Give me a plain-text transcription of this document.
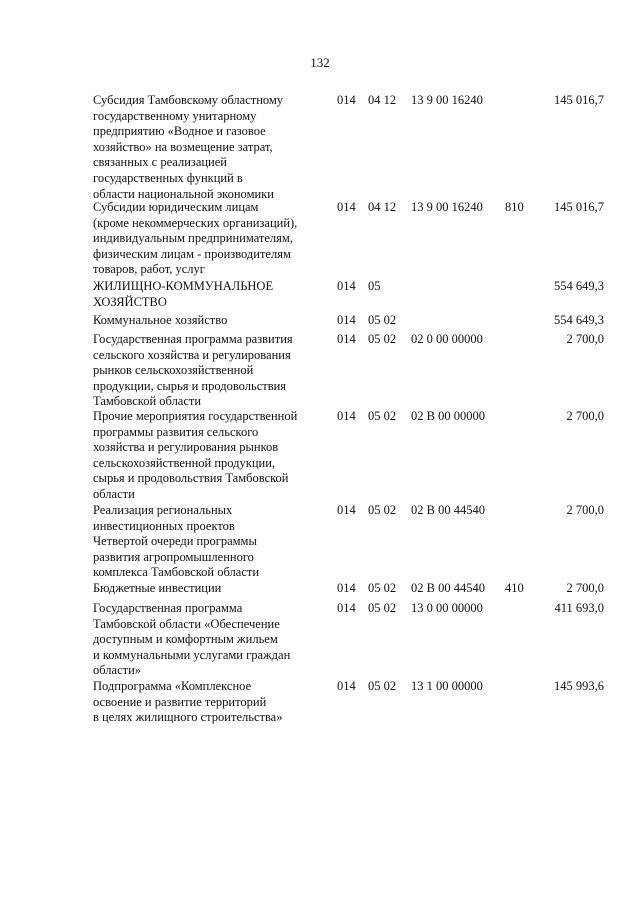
132
Субсидия Тамбовскому областному
государственному унитарному
предприятию «Водное и газовое
хозяйство» на возмещение затрат,
связанных с реализацией
государственных функций в
области национальной экономики
014 04 12 13 9 00 16240	145 016,7
Субсидии юридическим лицам
(кроме некоммерческих организаций),
индивидуальным предпринимателям,
физическим лицам - производителям
товаров, работ, услуг
014 04 12 13 9 00 16240 810 145 016,7
ЖИЛИЩНО-КОММУНАЛЬНОЕ
ХОЗЯЙСТВО
014 05	554 649,3
Коммунальное хозяйство	014 05 02	554 649,3
Государственная программа развития
сельского хозяйства и регулирования
рынков сельскохозяйственной
продукции, сырья и продовольствия
Тамбовской области
014 05 02 02 0 00 00000	2 700,0
Прочие мероприятия государственной
программы развития сельского
хозяйства и регулирования рынков
сельскохозяйственной продукции,
сырья и продовольствия Тамбовской
области
014 05 02 02 В 00 00000	2 700,0
Реализация региональных
инвестиционных проектов
Четвертой очереди программы
развития агропромышленного
комплекса Тамбовской области
014 05 02 02 В 00 44540	2 700,0
Бюджетные инвестиции	014 05 02 02 В 00 44540 410	2 700,0
Государственная программа
Тамбовской области «Обеспечение
доступным и комфортным жильем
и коммунальными услугами граждан
области»
014 05 02 13 0 00 00000	411 693,0
Подпрограмма «Комплексное
освоение и развитие территорий
в целях жилищного строительства»
014 05 02 13 1 00 00000	145 993,6
